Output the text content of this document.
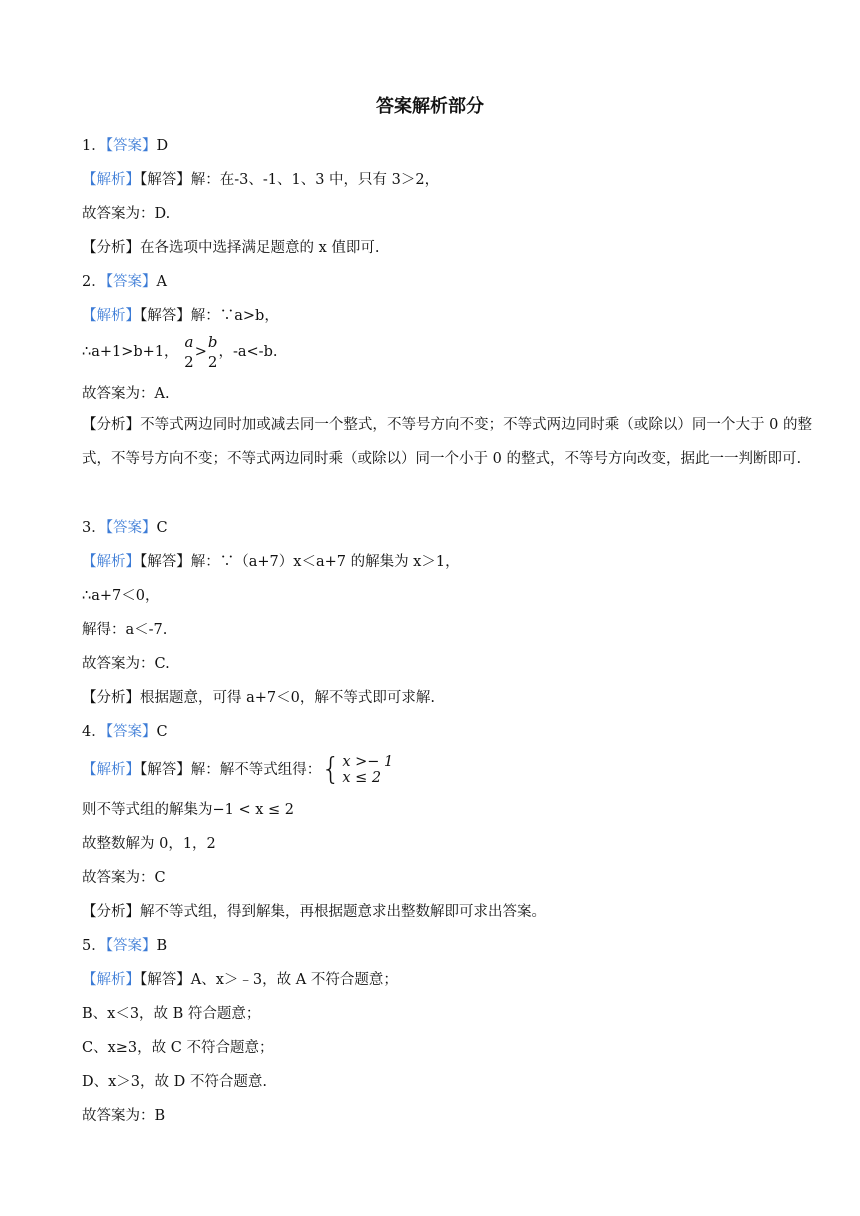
答案解析部分
1．【答案】D
【解析】【解答】解：在-3、-1、1、3 中，只有 3＞2，
故答案为：D.
【分析】在各选项中选择满足题意的 x 值即可.
2．【答案】A
【解析】【解答】解：∵a>b，
∴a+1>b+1，
a
2
>
b
2
，-a<-b.
故答案为：A.
【分析】不等式两边同时加或减去同一个整式，不等号方向不变；不等式两边同时乘（或除以）同一个大于 0 的整式，不等号方向不变；不等式两边同时乘（或除以）同一个小于 0 的整式，不等号方向改变，据此一一判断即可.
3．【答案】C
【解析】【解答】解：∵（a+7）x＜a+7 的解集为 x＞1，
∴a+7＜0，
解得：a＜-7.
故答案为：C.
【分析】根据题意，可得 a+7＜0，解不等式即可求解.
4．【答案】C
【解析】【解答】解：解不等式组得：{ x >− 1
x ≤ 2
则不等式组的解集为−1 < x ≤ 2
故整数解为 0，1，2
故答案为：C
【分析】解不等式组，得到解集，再根据题意求出整数解即可求出答案。
5．【答案】B
【解析】【解答】A、x＞﹣3，故 A 不符合题意；
B、x＜3，故 B 符合题意；
C、x≥3，故 C 不符合题意；
D、x＞3，故 D 不符合题意.
故答案为：B
